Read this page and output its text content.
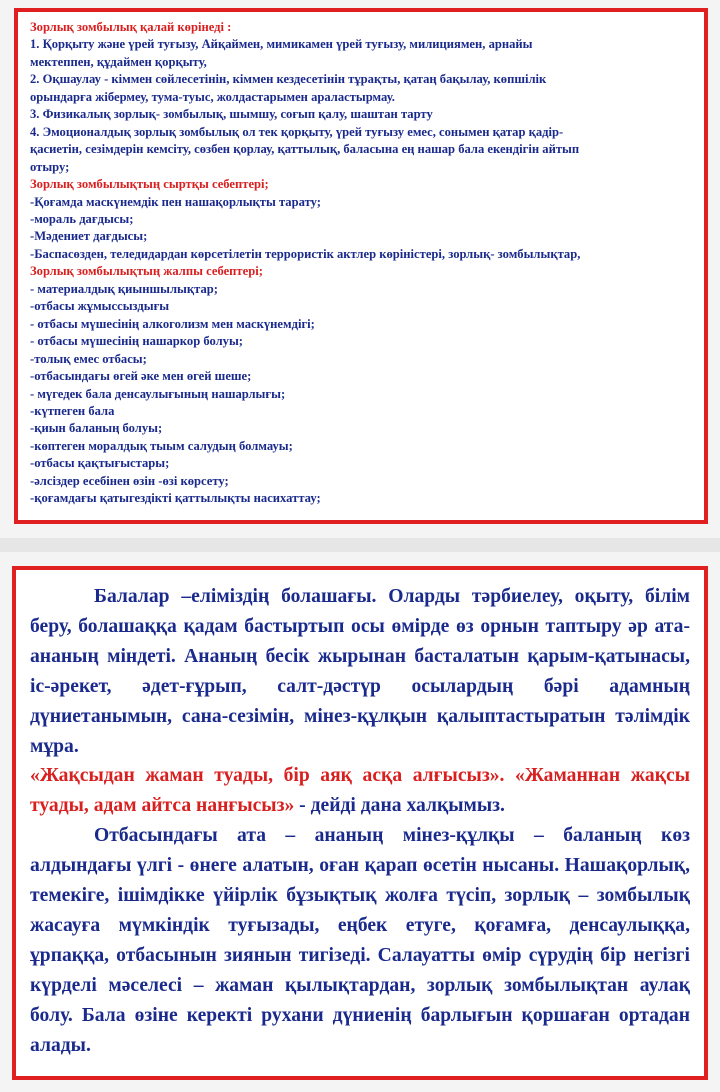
Зорлық зомбылық қалай көрінеді :
1. Қорқыту және үрей туғызу, Айқаймен, мимикамен үрей туғызу, милициямен, арнайы
мектеппен, құдаймен қорқыту,
2. Оқшаулау - кіммен сөйлесетінін, кіммен кездесетінін тұрақты, қатаң бақылау, көпшілік
орындарға жібермеу, тума-туыс, жолдастарымен араластырмау.
3. Физикалық зорлық- зомбылық, шымшу, соғып қалу, шаштан тарту
4. Эмоционалдық зорлық зомбылық ол тек қорқыту, үрей туғызу емес, сонымен қатар қадір-
қасиетін, сезімдерін кемсіту, сөзбен қорлау, қаттылық, баласына ең нашар бала екендігін айтып
отыру;
Зорлық зомбылықтың сыртқы себептері;
-Қоғамда маскүнемдік пен нашақорлықты тарату;
-мораль дағдысы;
-Мәдениет дағдысы;
-Баспасөзден, теледидардан көрсетілетін террористік актлер көріністері, зорлық- зомбылықтар,
Зорлық зомбылықтың жалпы себептері;
- материалдық қиыншылықтар;
-отбасы жұмыссыздығы
- отбасы мүшесінің алкоголизм мен маскүнемдігі;
- отбасы мүшесінің нашаркор болуы;
-толық емес отбасы;
-отбасындағы өгей әке мен өгей шеше;
- мүгедек бала денсаулығының нашарлығы;
-күтпеген бала
-қиын баланың болуы;
-көптеген моралдық тыым салудың болмауы;
-отбасы қақтығыстары;
-әлсіздер есебінен өзін -өзі көрсету;
-қоғамдағы қатыгездікті қаттылықты насихаттау;

Балалар –еліміздің болашағы. Оларды тәрбиелеу, оқыту, білім беру, болашаққа қадам бастыртып осы өмірде өз орнын таптыру әр ата-ананың міндеті. Ананың бесік жырынан басталатын қарым-қатынасы, іс-әрекет, әдет-ғұрып, салт-дәстүр осылардың бәрі адамның дүниетанымын, сана-сезімін, мінез-құлқын қалыптастыратын тәлімдік мұра.

«Жақсыдан жаман туады, бір аяқ асқа алғысыз». «Жаманнан жақсы туады, адам айтса нанғысыз» - дейді дана халқымыз.

Отбасындағы ата – ананың мінез-құлқы – баланың көз алдындағы үлгі - өнеге алатын, оған қарап өсетін нысаны. Нашақорлық, темекіге, ішімдікке үйірлік бұзықтық жолға түсіп, зорлық – зомбылық жасауға мүмкіндік туғызады, еңбек етуге, қоғамға, денсаулыққа, ұрпаққа, отбасынын зиянын тигізеді. Салауатты өмір сүрудің бір негізгі күрделі мәселесі – жаман қылықтардан, зорлық зомбылықтан аулақ болу. Бала өзіне керекті рухани дүниенің барлығын қоршаған ортадан алады.
